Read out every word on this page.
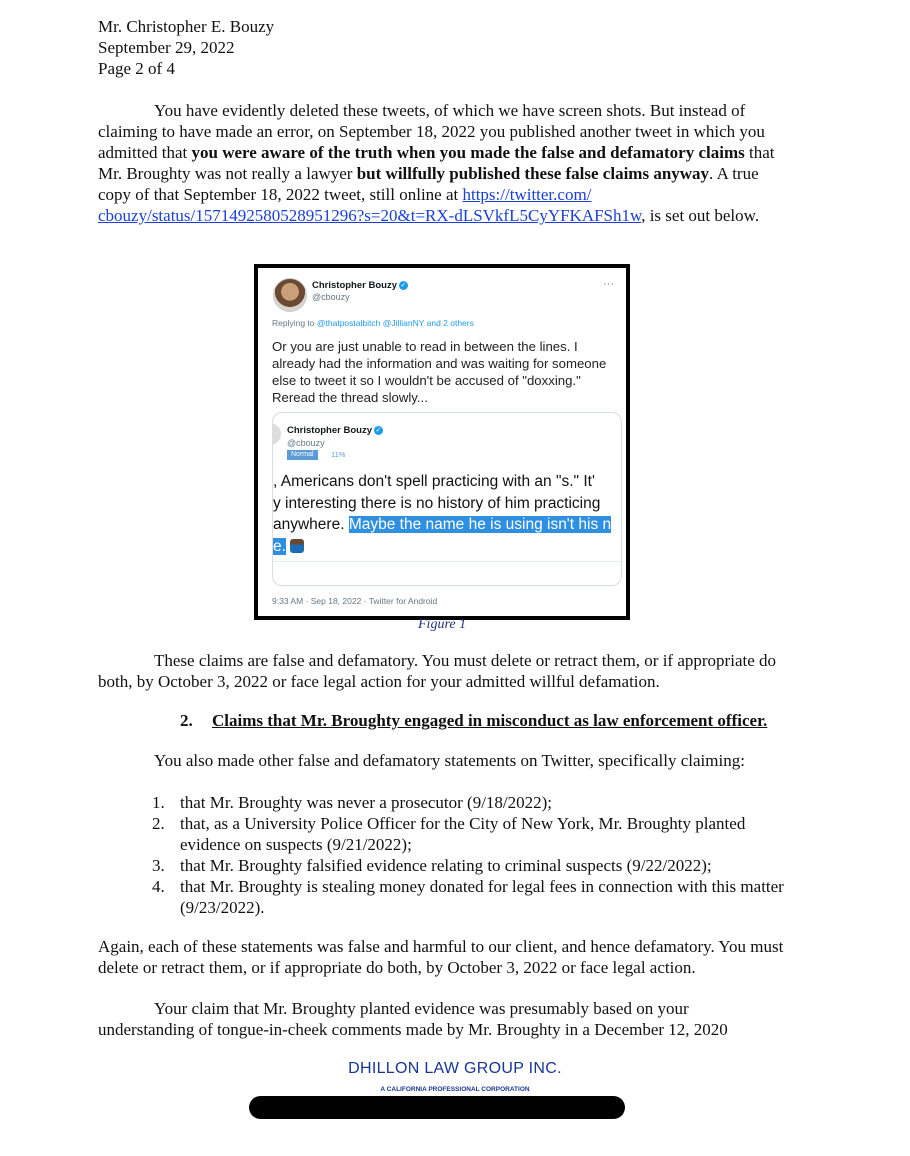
Mr. Christopher E. Bouzy
September 29, 2022
Page 2 of 4
You have evidently deleted these tweets, of which we have screen shots. But instead of claiming to have made an error, on September 18, 2022 you published another tweet in which you admitted that you were aware of the truth when you made the false and defamatory claims that Mr. Broughty was not really a lawyer but willfully published these false claims anyway. A true copy of that September 18, 2022 tweet, still online at https://twitter.com/
cbouzy/status/1571492580528951296?s=20&t=RX-dLSVkfL5CyYFKAFSh1w, is set out below.
Christopher Bouzy ✓
@cbouzy
···
Replying to @thatpostalbitch @JillianNY and 2 others
Or you are just unable to read in between the lines. I already had the information and was waiting for someone else to tweet it so I wouldn't be accused of "doxxing." Reread the thread slowly...
Christopher Bouzy ✓
@cbouzy
Normal	11%
, Americans don't spell practicing with an "s." It'
y interesting there is no history of him practicing
anywhere. Maybe the name he is using isn't his n
e.
9:33 AM · Sep 18, 2022 · Twitter for Android
Figure 1
These claims are false and defamatory. You must delete or retract them, or if appropriate do both, by October 3, 2022 or face legal action for your admitted willful defamation.
2. Claims that Mr. Broughty engaged in misconduct as law enforcement officer.
You also made other false and defamatory statements on Twitter, specifically claiming:
1. that Mr. Broughty was never a prosecutor (9/18/2022);
2. that, as a University Police Officer for the City of New York, Mr. Broughty planted evidence on suspects (9/21/2022);
3. that Mr. Broughty falsified evidence relating to criminal suspects (9/22/2022);
4. that Mr. Broughty is stealing money donated for legal fees in connection with this matter (9/23/2022).
Again, each of these statements was false and harmful to our client, and hence defamatory. You must delete or retract them, or if appropriate do both, by October 3, 2022 or face legal action.
Your claim that Mr. Broughty planted evidence was presumably based on your understanding of tongue-in-cheek comments made by Mr. Broughty in a December 12, 2020
DHILLON LAW GROUP INC.
A CALIFORNIA PROFESSIONAL CORPORATION
